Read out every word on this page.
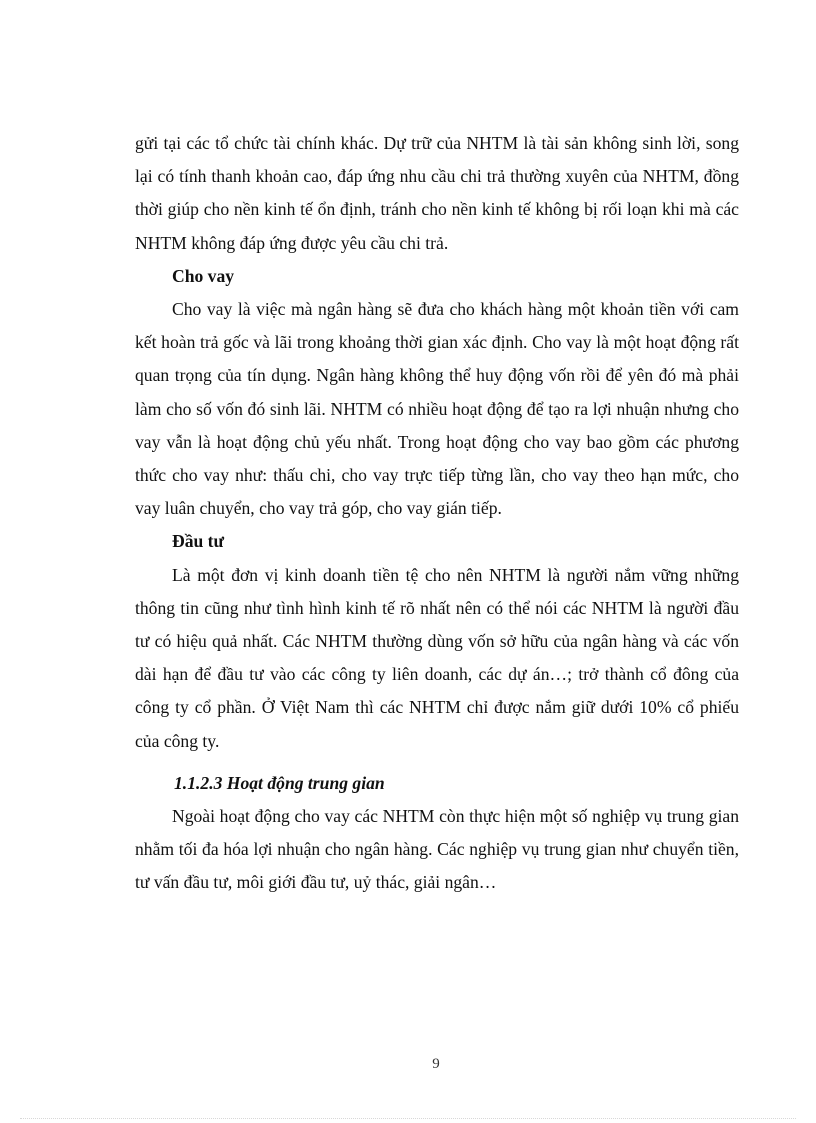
gửi tại các tổ chức tài chính khác. Dự trữ của NHTM là tài sản không sinh lời, song lại có tính thanh khoản cao, đáp ứng nhu cầu chi trả thường xuyên của NHTM, đồng thời giúp cho nền kinh tế ổn định, tránh cho nền kinh tế không bị rối loạn khi mà các NHTM không đáp ứng được yêu cầu chi trả.

Cho vay

Cho vay là việc mà ngân hàng sẽ đưa cho khách hàng một khoản tiền với cam kết hoàn trả gốc và lãi trong khoảng thời gian xác định. Cho vay là một hoạt động rất quan trọng của tín dụng. Ngân hàng không thể huy động vốn rồi để yên đó mà phải làm cho số vốn đó sinh lãi. NHTM có nhiều hoạt động để tạo ra lợi nhuận nhưng cho vay vẫn là hoạt động chủ yếu nhất. Trong hoạt động cho vay bao gồm các phương thức cho vay như: thấu chi, cho vay trực tiếp từng lần, cho vay theo hạn mức, cho vay luân chuyển, cho vay trả góp, cho vay gián tiếp.

Đầu tư

Là một đơn vị kinh doanh tiền tệ cho nên NHTM là người nắm vững những thông tin cũng như tình hình kinh tế rõ nhất nên có thể nói các NHTM là người đầu tư có hiệu quả nhất. Các NHTM thường dùng vốn sở hữu của ngân hàng và các vốn dài hạn để đầu tư vào các công ty liên doanh, các dự án…; trở thành cổ đông của công ty cổ phần. Ở Việt Nam thì các NHTM chỉ được nắm giữ dưới 10% cổ phiếu của công ty.

1.1.2.3 Hoạt động trung gian

Ngoài hoạt động cho vay các NHTM còn thực hiện một số nghiệp vụ trung gian nhằm tối đa hóa lợi nhuận cho ngân hàng. Các nghiệp vụ trung gian như chuyển tiền, tư vấn đầu tư, môi giới đầu tư, uỷ thác, giải ngân…

9
